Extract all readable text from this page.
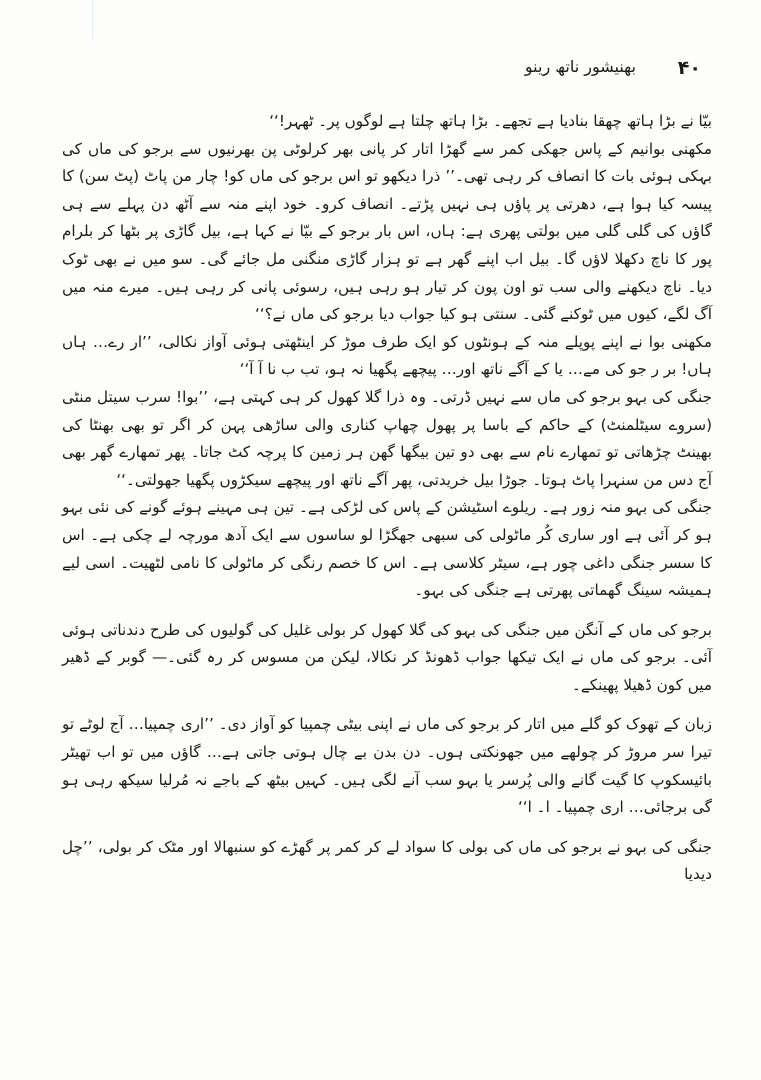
۴۰
بھنیشور ناتھ رینو

بیّا نے بڑا ہاتھ چھقا بنادیا ہے تجھے۔ بڑا ہاتھ چلتا ہے لوگوں پر۔ ٹھہر!‘‘

مکھنی بوانیم کے پاس جھکی کمر سے گھڑا اتار کر پانی بھر کرلوٹی پن بھرنیوں سے برجو کی ماں کی بہکی ہوئی بات کا انصاف کر رہی تھی۔’’ ذرا دیکھو تو اس برجو کی ماں کو! چار من پاٹ (پٹ سن) کا پیسہ کیا ہوا ہے، دھرتی پر پاؤں ہی نہیں پڑتے۔ انصاف کرو۔ خود اپنے منہ سے آٹھ دن پہلے سے ہی گاؤں کی گلی گلی میں بولتی پھری ہے: ہاں، اس بار برجو کے بیّا نے کہا ہے، بیل گاڑی پر بٹھا کر بلرام پور کا ناچ دکھلا لاؤں گا۔ بیل اب اپنے گھر ہے تو ہزار گاڑی منگنی مل جائے گی۔ سو میں نے بھی ٹوک دیا۔ ناچ دیکھنے والی سب تو اون پون کر تیار ہو رہی ہیں، رسوئی پانی کر رہی ہیں۔ میرے منہ میں آگ لگے، کیوں میں ٹوکنے گئی۔ سنتی ہو کیا جواب دیا برجو کی ماں نے؟‘‘

مکھنی بوا نے اپنے پوپلے منہ کے ہونٹوں کو ایک طرف موڑ کر اینٹھتی ہوئی آواز نکالی، ’’ار رے… ہاں ہاں! بر ر جو کی مے… یا کے آگے ناتھ اور… پیچھے پگھیا نہ ہو، تب ب نا آ آ‘‘

جنگی کی بہو برجو کی ماں سے نہیں ڈرتی۔ وہ ذرا گلا کھول کر ہی کہتی ہے، ’’بوا! سرب سیتل منٹی (سروے سیٹلمنٹ) کے حاکم کے باسا پر پھول چھاپ کناری والی ساڑھی پہن کر اگر تو بھی بھنٹا کی بھینٹ چڑھاتی تو تمھارے نام سے بھی دو تین بیگھا گھن ہر زمین کا پرچہ کٹ جاتا۔ پھر تمھارے گھر بھی آج دس من سنہرا پاٹ ہوتا۔ جوڑا بیل خریدتی، پھر آگے ناتھ اور پیچھے سیکڑوں پگھیا جھولتی۔‘‘

جنگی کی بہو منہ زور ہے۔ ریلوے اسٹیشن کے پاس کی لڑکی ہے۔ تین ہی مہینے ہوئے گونے کی نئی بہو ہو کر آئی ہے اور ساری کُر ماٹولی کی سبھی جھگڑا لو ساسوں سے ایک آدھ مورچہ لے چکی ہے۔ اس کا سسر جنگی داغی چور ہے، سیٹر کلاسی ہے۔ اس کا خصم رنگی کر ماٹولی کا نامی لٹھیت۔ اسی لیے ہمیشہ سینگ گھماتی پھرتی ہے جنگی کی بہو۔

برجو کی ماں کے آنگن میں جنگی کی بہو کی گلا کھول کر بولی غلیل کی گولیوں کی طرح دندناتی ہوئی آئی۔ برجو کی ماں نے ایک تیکھا جواب ڈھونڈ کر نکالا، لیکن من مسوس کر رہ گئی۔— گوبر کے ڈھیر میں کون ڈھیلا پھینکے۔

زبان کے تھوک کو گلے میں اتار کر برجو کی ماں نے اپنی بیٹی چمپیا کو آواز دی۔ ’’اری چمپیا… آج لوٹے تو تیرا سر مروڑ کر چولھے میں جھونکتی ہوں۔ دن بدن بے چال ہوتی جاتی ہے… گاؤں میں تو اب تھیٹر بائیسکوپ کا گیت گانے والی پُرسر یا بہو سب آنے لگی ہیں۔ کہیں بیٹھ کے باجے نہ مُرلیا سیکھ رہی ہو گی برجائی… اری چمپیا۔ ا۔ ا‘‘

جنگی کی بہو نے برجو کی ماں کی بولی کا سواد لے کر کمر پر گھڑے کو سنبھالا اور مٹک کر بولی، ’’چل دیدیا
